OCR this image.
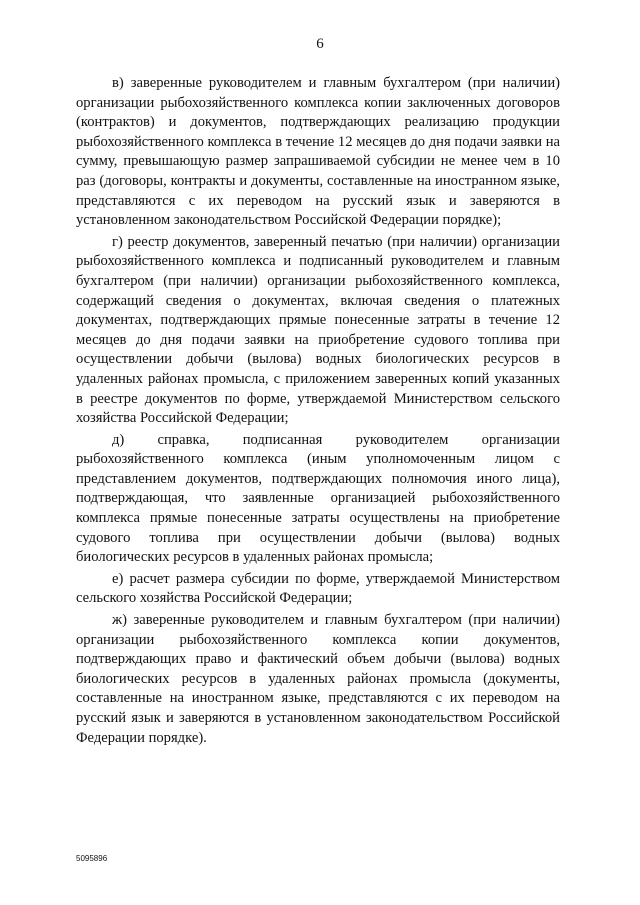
6

в) заверенные руководителем и главным бухгалтером (при наличии) организации рыбохозяйственного комплекса копии заключенных договоров (контрактов) и документов, подтверждающих реализацию продукции рыбохозяйственного комплекса в течение 12 месяцев до дня подачи заявки на сумму, превышающую размер запрашиваемой субсидии не менее чем в 10 раз (договоры, контракты и документы, составленные на иностранном языке, представляются с их переводом на русский язык и заверяются в установленном законодательством Российской Федерации порядке);

г) реестр документов, заверенный печатью (при наличии) организации рыбохозяйственного комплекса и подписанный руководителем и главным бухгалтером (при наличии) организации рыбохозяйственного комплекса, содержащий сведения о документах, включая сведения о платежных документах, подтверждающих прямые понесенные затраты в течение 12 месяцев до дня подачи заявки на приобретение судового топлива при осуществлении добычи (вылова) водных биологических ресурсов в удаленных районах промысла, с приложением заверенных копий указанных в реестре документов по форме, утверждаемой Министерством сельского хозяйства Российской Федерации;

д) справка, подписанная руководителем организации рыбохозяйственного комплекса (иным уполномоченным лицом с представлением документов, подтверждающих полномочия иного лица), подтверждающая, что заявленные организацией рыбохозяйственного комплекса прямые понесенные затраты осуществлены на приобретение судового топлива при осуществлении добычи (вылова) водных биологических ресурсов в удаленных районах промысла;

е) расчет размера субсидии по форме, утверждаемой Министерством сельского хозяйства Российской Федерации;

ж) заверенные руководителем и главным бухгалтером (при наличии) организации рыбохозяйственного комплекса копии документов, подтверждающих право и фактический объем добычи (вылова) водных биологических ресурсов в удаленных районах промысла (документы, составленные на иностранном языке, представляются с их переводом на русский язык и заверяются в установленном законодательством Российской Федерации порядке).

5095896
